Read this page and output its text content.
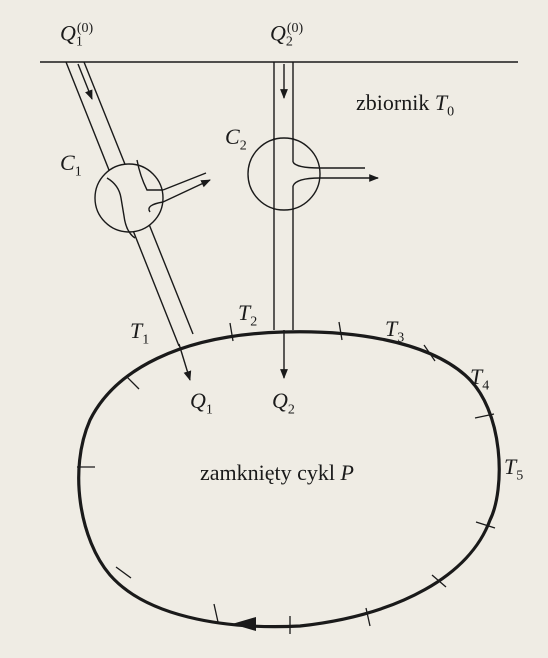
$Q_1^{(0)}$	$Q_2^{(0)}$
zbiornik $T_0$
$C_1$
$C_2$
$T_1$
$T_2$	$T_3$
$T_4$
$T_5$
$Q_1$	$Q_2$
zamknięty cykl P
